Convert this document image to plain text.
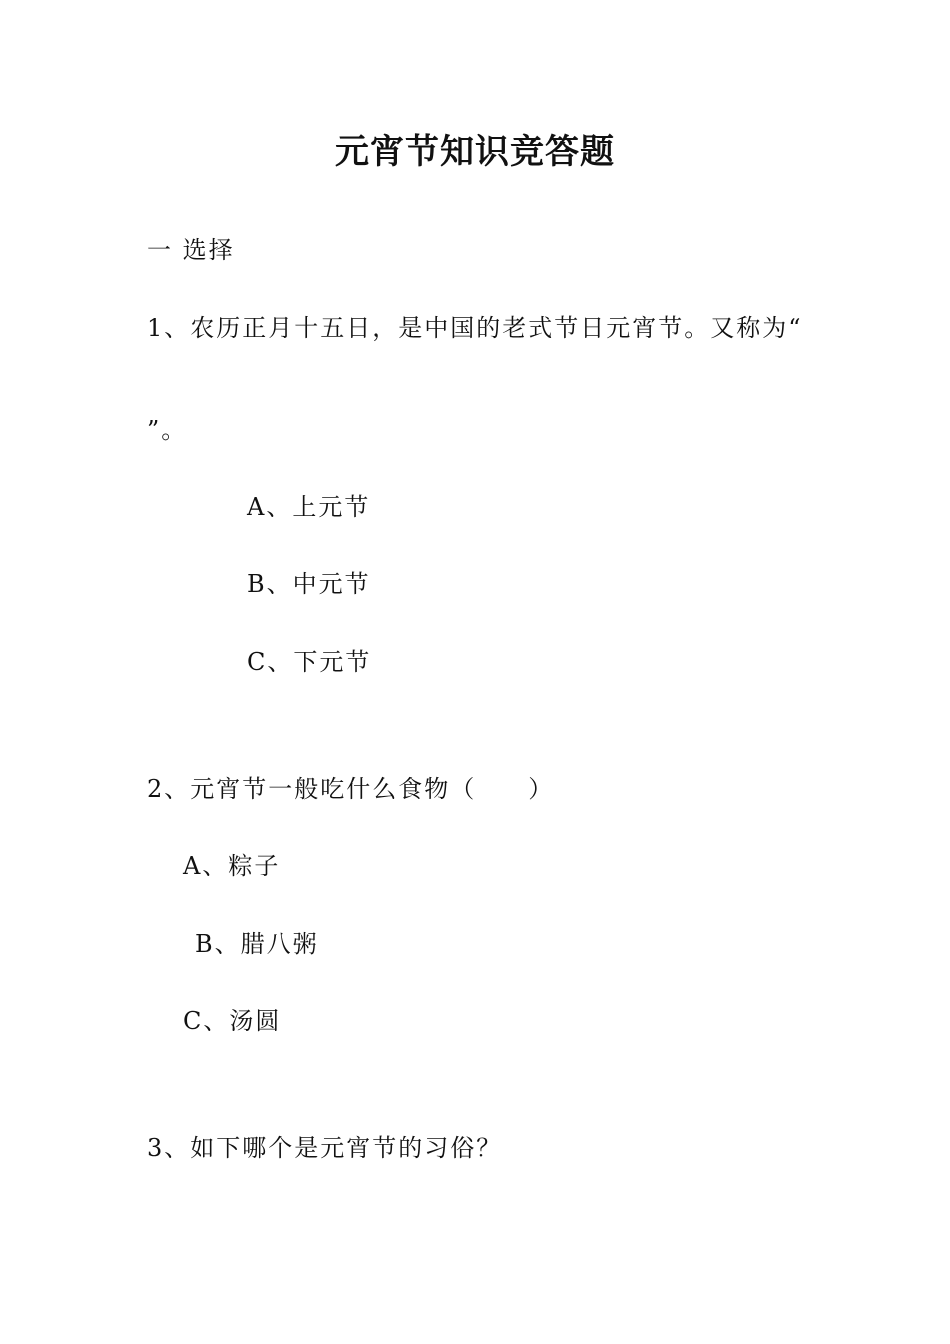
元宵节知识竞答题
一 选择
1、农历正月十五日，是中国的老式节日元宵节。又称为“
”。
A、上元节
B、中元节
C、下元节
2、元宵节一般吃什么食物（　　）
A、粽子
B、腊八粥
C、汤圆
3、如下哪个是元宵节的习俗？
